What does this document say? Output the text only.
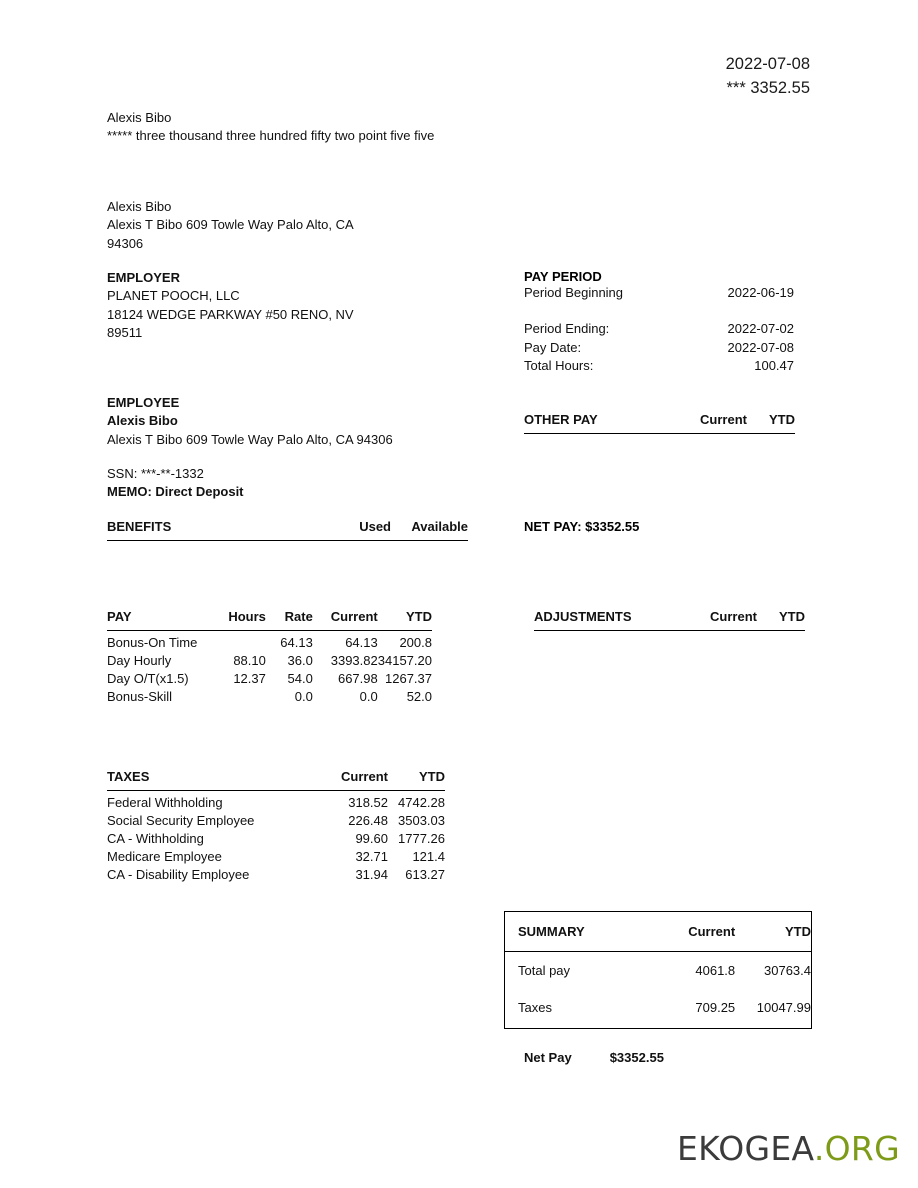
2022-07-08
*** 3352.55
Alexis Bibo
***** three thousand three hundred fifty two point five five
Alexis Bibo
Alexis T Bibo 609 Towle Way Palo Alto, CA
94306
EMPLOYER
PLANET POOCH, LLC
18124 WEDGE PARKWAY #50 RENO, NV
89511
PAY PERIOD
Period Beginning	2022-06-19
Period Ending:	2022-07-02
Pay Date:	2022-07-08
Total Hours:	100.47
EMPLOYEE
Alexis Bibo
Alexis T Bibo 609 Towle Way Palo Alto, CA 94306
SSN: ***-**-1332
MEMO: Direct Deposit
OTHER PAY	Current	YTD

BENEFITS	Used	Available	NET PAY: $3352.55
PAY	Hours	Rate	Current	YTD

Bonus-On Time		64.13	64.13	200.8
Day Hourly	88.10	36.0	3393.82	34157.20
Day O/T(x1.5)	12.37	54.0	667.98	1267.37
Bonus-Skill		0.0	0.0	52.0
ADJUSTMENTS	Current	YTD

TAXES	Current	YTD

Federal Withholding	318.52	4742.28
Social Security Employee	226.48	3503.03
CA - Withholding	99.60	1777.26
Medicare Employee	32.71	121.4
CA - Disability Employee	31.94	613.27
SUMMARY	Current	YTD
Total pay	4061.8	30763.4
Taxes	709.25	10047.99
Net Pay	$3352.55
EKOGEA.ORG
